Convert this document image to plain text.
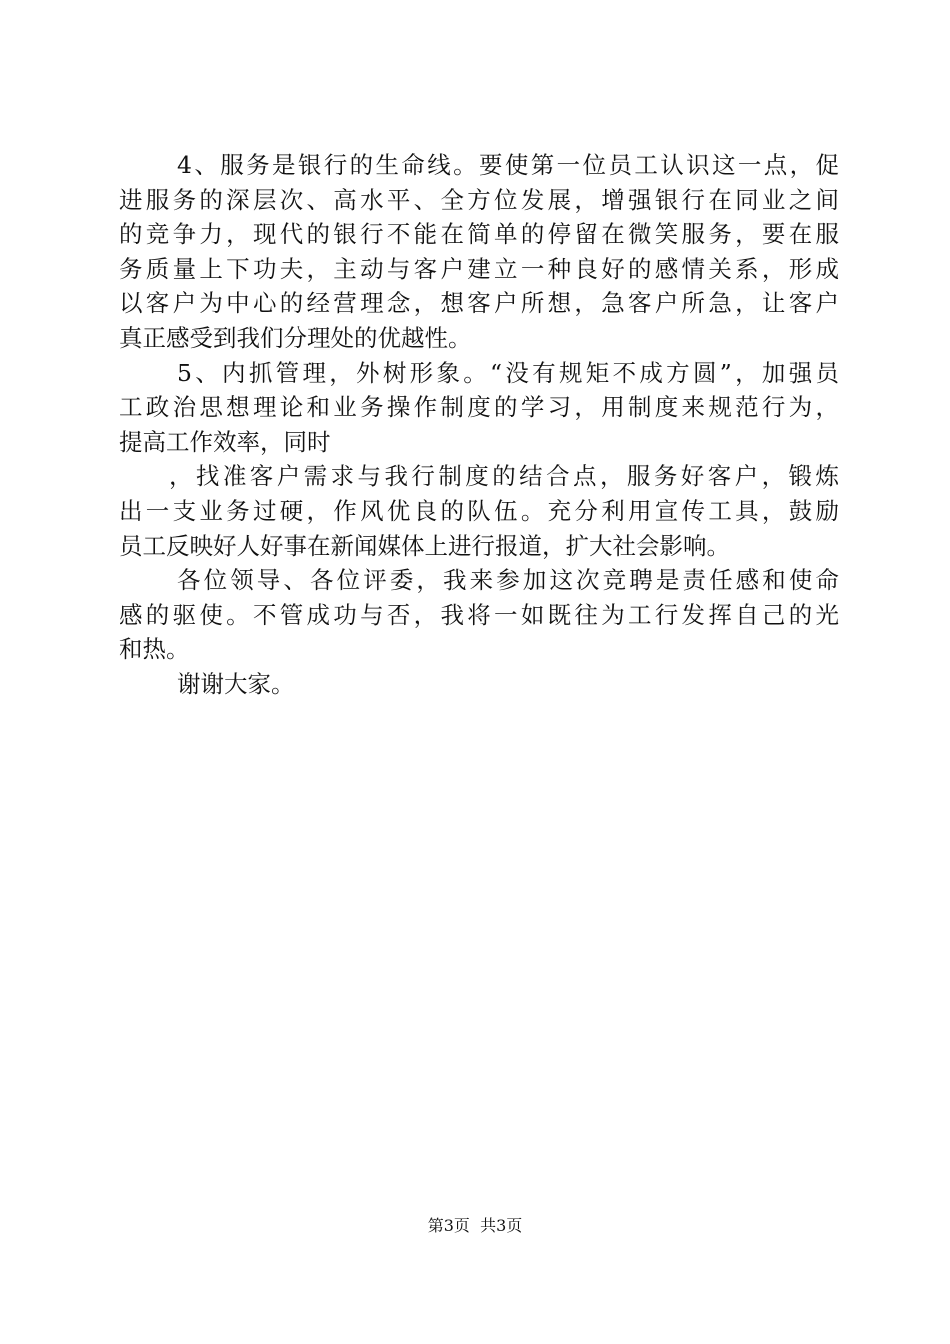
4、服务是银行的生命线。要使第一位员工认识这一点，促
进服务的深层次、高水平、全方位发展，增强银行在同业之间
的竞争力，现代的银行不能在简单的停留在微笑服务，要在服
务质量上下功夫，主动与客户建立一种良好的感情关系，形成
以客户为中心的经营理念，想客户所想，急客户所急，让客户
真正感受到我们分理处的优越性。
5、内抓管理，外树形象。“没有规矩不成方圆”，加强员
工政治思想理论和业务操作制度的学习，用制度来规范行为，
提高工作效率，同时
，找准客户需求与我行制度的结合点，服务好客户，锻炼
出一支业务过硬，作风优良的队伍。充分利用宣传工具，鼓励
员工反映好人好事在新闻媒体上进行报道，扩大社会影响。
各位领导、各位评委，我来参加这次竞聘是责任感和使命
感的驱使。不管成功与否，我将一如既往为工行发挥自己的光
和热。
谢谢大家。
第3页  共3页
